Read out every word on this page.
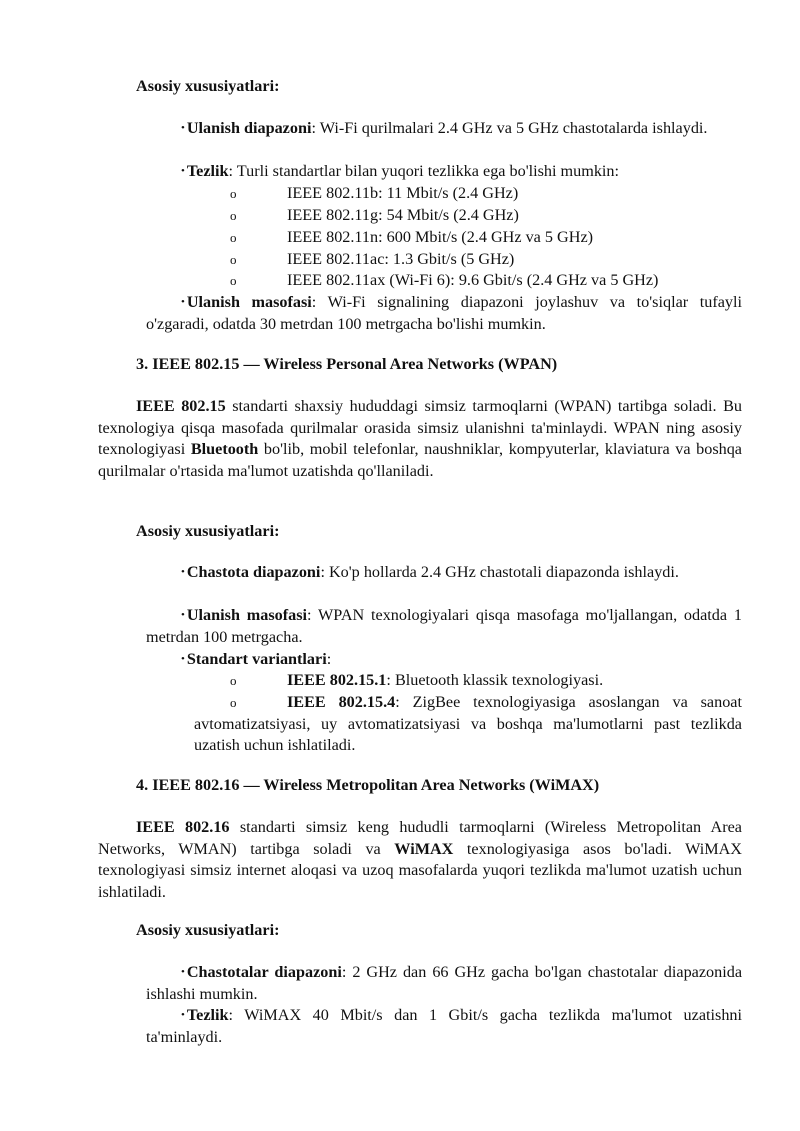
Asosiy xususiyatlari:
• Ulanish diapazoni: Wi-Fi qurilmalari 2.4 GHz va 5 GHz chastotalarda ishlaydi.
• Tezlik: Turli standartlar bilan yuqori tezlikka ega bo'lishi mumkin:
o	IEEE 802.11b: 11 Mbit/s (2.4 GHz)
o	IEEE 802.11g: 54 Mbit/s (2.4 GHz)
o	IEEE 802.11n: 600 Mbit/s (2.4 GHz va 5 GHz)
o	IEEE 802.11ac: 1.3 Gbit/s (5 GHz)
o	IEEE 802.11ax (Wi-Fi 6): 9.6 Gbit/s (2.4 GHz va 5 GHz)
• Ulanish masofasi: Wi-Fi signalining diapazoni joylashuv va to'siqlar tufayli o'zgaradi, odatda 30 metrdan 100 metrgacha bo'lishi mumkin.
3. IEEE 802.15 — Wireless Personal Area Networks (WPAN)
IEEE 802.15 standarti shaxsiy hududdagi simsiz tarmoqlarni (WPAN) tartibga soladi. Bu texnologiya qisqa masofada qurilmalar orasida simsiz ulanishni ta'minlaydi. WPAN ning asosiy texnologiyasi Bluetooth bo'lib, mobil telefonlar, naushniklar, kompyuterlar, klaviatura va boshqa qurilmalar o'rtasida ma'lumot uzatishda qo'llaniladi.
Asosiy xususiyatlari:
• Chastota diapazoni: Ko'p hollarda 2.4 GHz chastotali diapazonda ishlaydi.
• Ulanish masofasi: WPAN texnologiyalari qisqa masofaga mo'ljallangan, odatda 1 metrdan 100 metrgacha.
• Standart variantlari:
o	IEEE 802.15.1: Bluetooth klassik texnologiyasi.
o	IEEE 802.15.4: ZigBee texnologiyasiga asoslangan va sanoat avtomatizatsiyasi, uy avtomatizatsiyasi va boshqa ma'lumotlarni past tezlikda uzatish uchun ishlatiladi.
4. IEEE 802.16 — Wireless Metropolitan Area Networks (WiMAX)
IEEE 802.16 standarti simsiz keng hududli tarmoqlarni (Wireless Metropolitan Area Networks, WMAN) tartibga soladi va WiMAX texnologiyasiga asos bo'ladi. WiMAX texnologiyasi simsiz internet aloqasi va uzoq masofalarda yuqori tezlikda ma'lumot uzatish uchun ishlatiladi.
Asosiy xususiyatlari:
• Chastotalar diapazoni: 2 GHz dan 66 GHz gacha bo'lgan chastotalar diapazonida ishlashi mumkin.
• Tezlik: WiMAX 40 Mbit/s dan 1 Gbit/s gacha tezlikda ma'lumot uzatishni ta'minlaydi.
